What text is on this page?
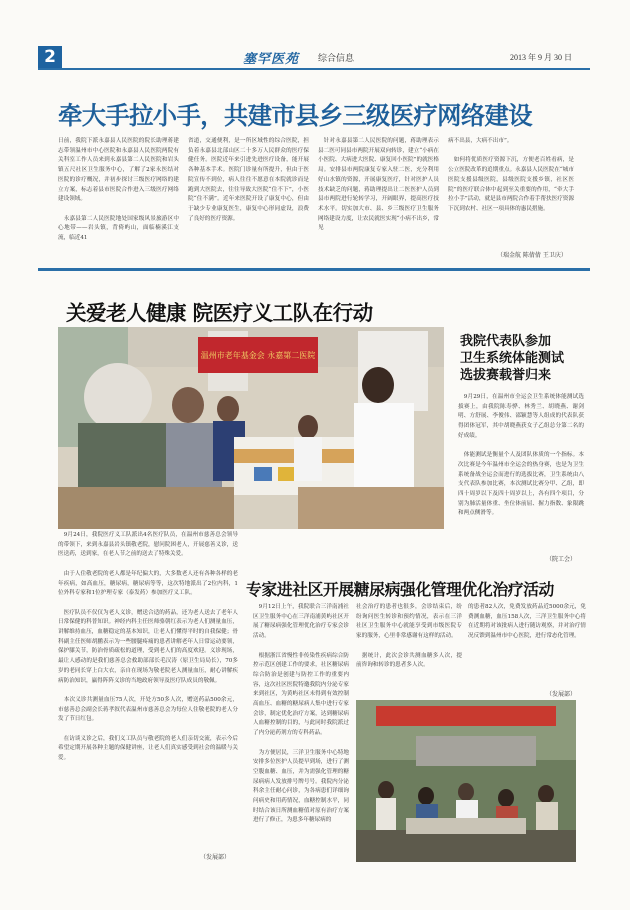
2	塞罕医苑 综合信息	2013 年 9 月 30 日
牵大手拉小手，共建市县乡三级医疗网络建设
日前，我院下派永嘉县人民医院的院长助理蒋建志带领温州市中心医院和永嘉县人民医院两院有关科室工作人员来到永嘉县第二人民医院和岩头镇五尺社区卫生服务中心，了解了2家永医结对医院的诊疗概况，并初步探讨三级医疗网络的建立方案，标志着县市医院合作进入三级医疗网络建设领域。

　永嘉县第二人民医院地处国家级风景旅游区中心地带——岩头镇，背倚屿山，面临楠溪江支流，临近41
省道，交通便利，是一所区域性的综合医院，担负着永嘉县北部山区二十多万人民群众的医疗保健任务。医院近年来引进先进医疗设备，能开展各种基本手术。医院门诊量有所提升，但由于医院宣传不到位，病人往往不愿意在本院就诊而是跑到大医院去，往往导致大医院“住不下”，小医院“住不满”。近年来医院开设了康复中心，但由于缺少专业康复医生，康复中心形同虚设，浪费了良好的医疗资源。
　针对永嘉县第二人民医院的问题，蒋助理表示县二医可同县市两院开展双向转诊，建立“小病在小医院、大病进大医院、康复回小医院”的就医格局。安排县市两院康复专家入驻二医，充分利用好山水镇的资源，开展康复医疗，针对医护人员技术缺乏的问题，蒋助理提出让二医医护人员到县市两院进行轮转学习，开阔眼界，提高医疗技术水平。切实加大市、县、乡三级医疗卫生服务网络建设力度，让农民就医实现“小病不出乡，常见
病不出县，大病不出市”。

　如何将优质医疗资源下沉，方便老百姓看病，是公立医院改革的追期重点。永嘉县人民医院在“城市医院支援县级医院，县级医院支援乡镇，社区医院”的医疗联合体中起到至关重要的作用，“牵大手拉小手”活动，就是县市两院合作着手帮扶医疗资源下沉到农村、社区一项具体的惠民措施。
（瑞金航 陈倩倩 王卫庆）
关爱老人健康 院医疗义工队在行动
温州市老年基金会 永嘉第二医院
　9月24日，我院医疗义工队派出4名医疗队员，在温州市慈善总会领导的带领下，来到永嘉县岩头镇敬老院，慰问院困老人，开展慈善义诊，送医送药，送到家，在老人节之前的送去了特殊关爱。

　由于人住敬老院的老人都是年纪偏大的，大多数老人还有各种各样的老年疾病，如高血压，糖尿病，糖尿病等等，这次特地派出了2位内科，1位外科专家和1位护理专家（泰发药）参加医疗义工队。

　医疗队员不仅仅为老人义诊，赠送合适的药品，还为老人送去了老年人日常保健的科普知识。神经内科主任医师骆朝红表示为老人们测量血压，讲解维持血压，血糖稳定的基本知识，让老人们懂得平时的自我保健；骨科副主任医师胡鹏表示为一些腰腿疼痛的患者讲解老年人日常运动要领，保护膝关节，防治骨质疏松的道理，受到老人们的高度欢迎。义诊现场，最让人感动的是我们慈善总会救助部部长毛汉涛（原卫生局局长），70多岁的老同长穿上白大衣，亲自在现场为敬老院老人测量血压，耐心讲解疾病防治知识，赢得阵阵义诊的当地政府领导及医疗队成员的敬佩。

　本次义诊共测量血压75人次，开处方50多人次，赠送药品500余元，市慈善总会副会长蒋孝叙代表温州市慈善总会为每位人住敬老院的老人分发了节日红包。

　在访谈义诊之后，我们义工队员与敬老院的老人们亲切交流，表示今后希望定期开展各种主题的保健讲座，让老人们真实感受到社会的温暖与关爱。
（发展部）
我院代表队参加
卫生系统体能测试
选拔赛载誉归来
　9月29日，在温州市全运会卫生系统体能测试选拔赛上，由我院陈寿骅、林秀兰、胡晓燕、谢剑明、方舒展、李俊伟、邵颖慧等人组成的代表队获得团体冠军，其中胡晓燕获女子乙组总分第二名的好成绩。

　体能测试是衡量个人及团队体质的一个指标。本次比赛是今年温州市全运会的热身赛，也是为卫生系统备战全运会而进行的选拔比赛，卫生系统由八支代表队参加比赛，本次测试比赛分甲、乙组，即四十周岁以下及四十周岁以上，各有四个项目，分别为肺活量体重、坐位体前屈、握力指数、象限跳和两点侧滑等。
（院工会）
专家进社区开展糖尿病强化管理优化治疗活动
　9月12日上午，我院联合三洋南浦社区卫生服务中心在三洋南浦黄屿社区开展了糖尿病强化管理优化治疗专家会诊活动。

　根据浙江省慢性非传染性疾病综合防控示范区创建工作的要求，社区糖尿病综合防治是创建与防控工作的重要内容，这次社区医院特邀我院内分泌专家来到社区，为黄屿社区未得到有效控制高血压、血糖的糖尿病人集中进行专家会诊，制定优化治疗方案，达到糖尿病人血糖控制的目的，与此同时我院派过了内分泌药剂方的专科药品。

　为方便居民，三洋卫生服务中心特地安排多位医护人员提早到场，进行了测空腹血糖、血压，并为需强化管理的糖尿病病人发放排号牌号号。我院内分泌科余主任耐心问诊，为各病患们详细询问病史和用药情况，血糖控制水平，同时结合该日所测血糖值对原有治疗方案进行了修正，为患多年糖尿病的
社会治疗的患者也很多，会诊结束后，纷纷询问医生转诊和预约情况，表示在三洋社区卫生服务中心就能享受到市级医院专家的服务，心里非常感谢有这样的活动。

　据统计，此次会诊共测血糖多人次，提前咨询和转诊的患者多人次。
的患者82人次，免费发放药品近5000余元，免费测血糖，血压158人次，三洋卫生服务中心将在近期将对该批病人进行随访观察，并对治疗情况反馈到温州市中心医院，进行常态化管理。
（发展部）
